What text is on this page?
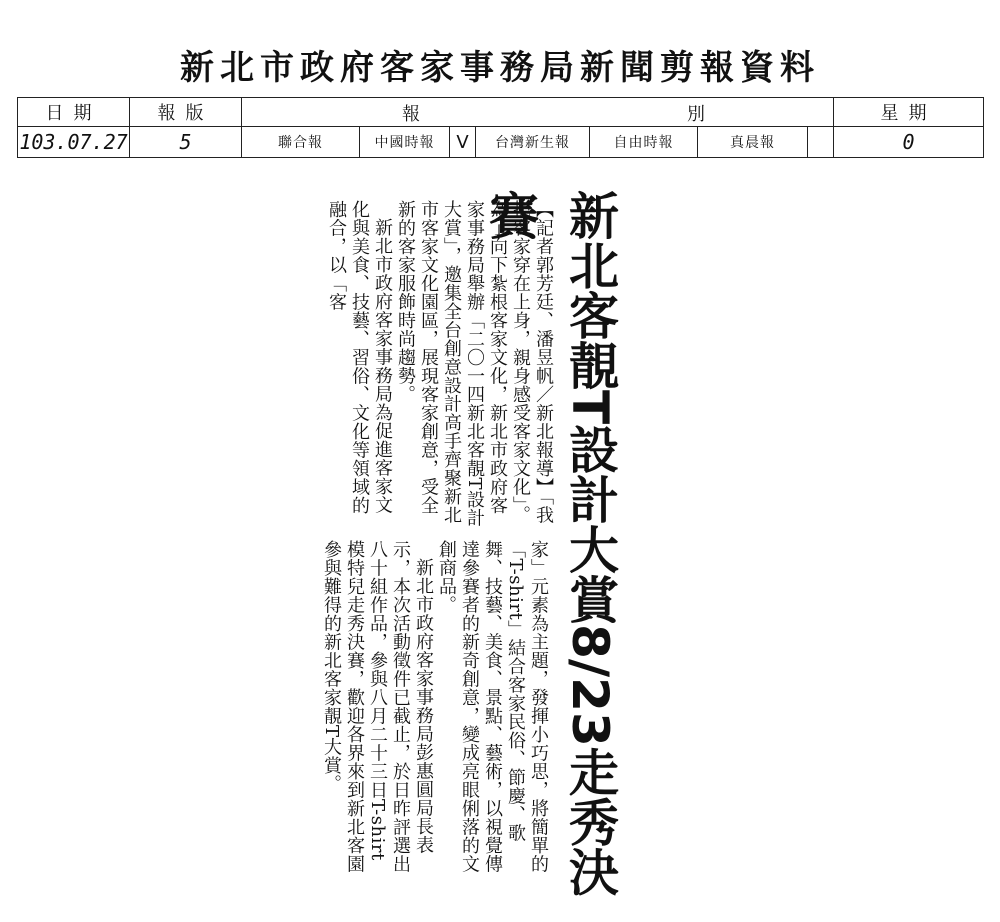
新北市政府客家事務局新聞剪報資料
日期	報版	報 別							星期
103.07.27	5	聯合報	中國時報	V	台灣新生報	自由時報	真晨報		0
新北客靚T設計大賞8/23走秀決賽

【記者郭芳廷、潘昱帆／新北報導】「我把客家穿在上身，親身感受客家文化」。為了向下紮根客家文化，新北市政府客家事務局舉辦「二〇一四新北客靚T設計大賞」，邀集全台創意設計高手齊聚新北市客家文化園區，展現客家創意，受全新的客家服飾時尚趨勢。

新北市政府客家事務局為促進客家文化與美食、技藝、習俗、文化等領域的融合，以「客

家」元素為主題，發揮小巧思，將簡單的「T-shirt」結合客家民俗、節慶、歌舞、技藝、美食、景點、藝術，以視覺傳達參賽者的新奇創意，變成亮眼俐落的文創商品。

新北市政府客家事務局彭惠圓局長表示，本次活動徵件已截止，於日昨評選出八十組作品，參與八月二十三日T-shirt模特兒走秀決賽，歡迎各界來到新北客園參與難得的新北客家靚T大賞。
